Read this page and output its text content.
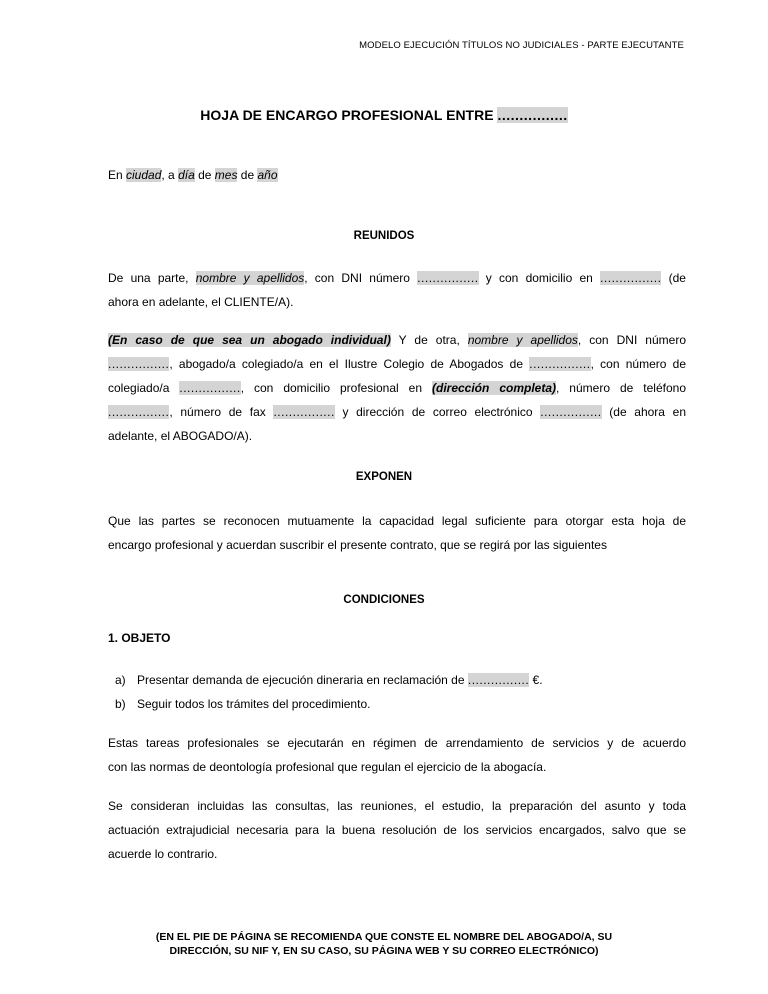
MODELO EJECUCIÓN TÍTULOS NO JUDICIALES - PARTE EJECUTANTE
HOJA DE ENCARGO PROFESIONAL ENTRE ................
En ciudad, a día de mes de año
REUNIDOS
De una parte, nombre y apellidos, con DNI número ................ y con domicilio en ................ (de
ahora en adelante, el CLIENTE/A).
(En caso de que sea un abogado individual) Y de otra, nombre y apellidos, con DNI número
................, abogado/a colegiado/a en el Ilustre Colegio de Abogados de ................, con número de
colegiado/a ................, con domicilio profesional en (dirección completa), número de teléfono
................, número de fax ................ y dirección de correo electrónico ................ (de ahora en
adelante, el ABOGADO/A).
EXPONEN
Que las partes se reconocen mutuamente la capacidad legal suficiente para otorgar esta hoja de
encargo profesional y acuerdan suscribir el presente contrato, que se regirá por las siguientes
CONDICIONES
1. OBJETO
a) Presentar demanda de ejecución dineraria en reclamación de ................ €.
b) Seguir todos los trámites del procedimiento.
Estas tareas profesionales se ejecutarán en régimen de arrendamiento de servicios y de acuerdo
con las normas de deontología profesional que regulan el ejercicio de la abogacía.
Se consideran incluidas las consultas, las reuniones, el estudio, la preparación del asunto y toda
actuación extrajudicial necesaria para la buena resolución de los servicios encargados, salvo que se
acuerde lo contrario.
(EN EL PIE DE PÁGINA SE RECOMIENDA QUE CONSTE EL NOMBRE DEL ABOGADO/A, SU
DIRECCIÓN, SU NIF Y, EN SU CASO, SU PÁGINA WEB Y SU CORREO ELECTRÓNICO)
